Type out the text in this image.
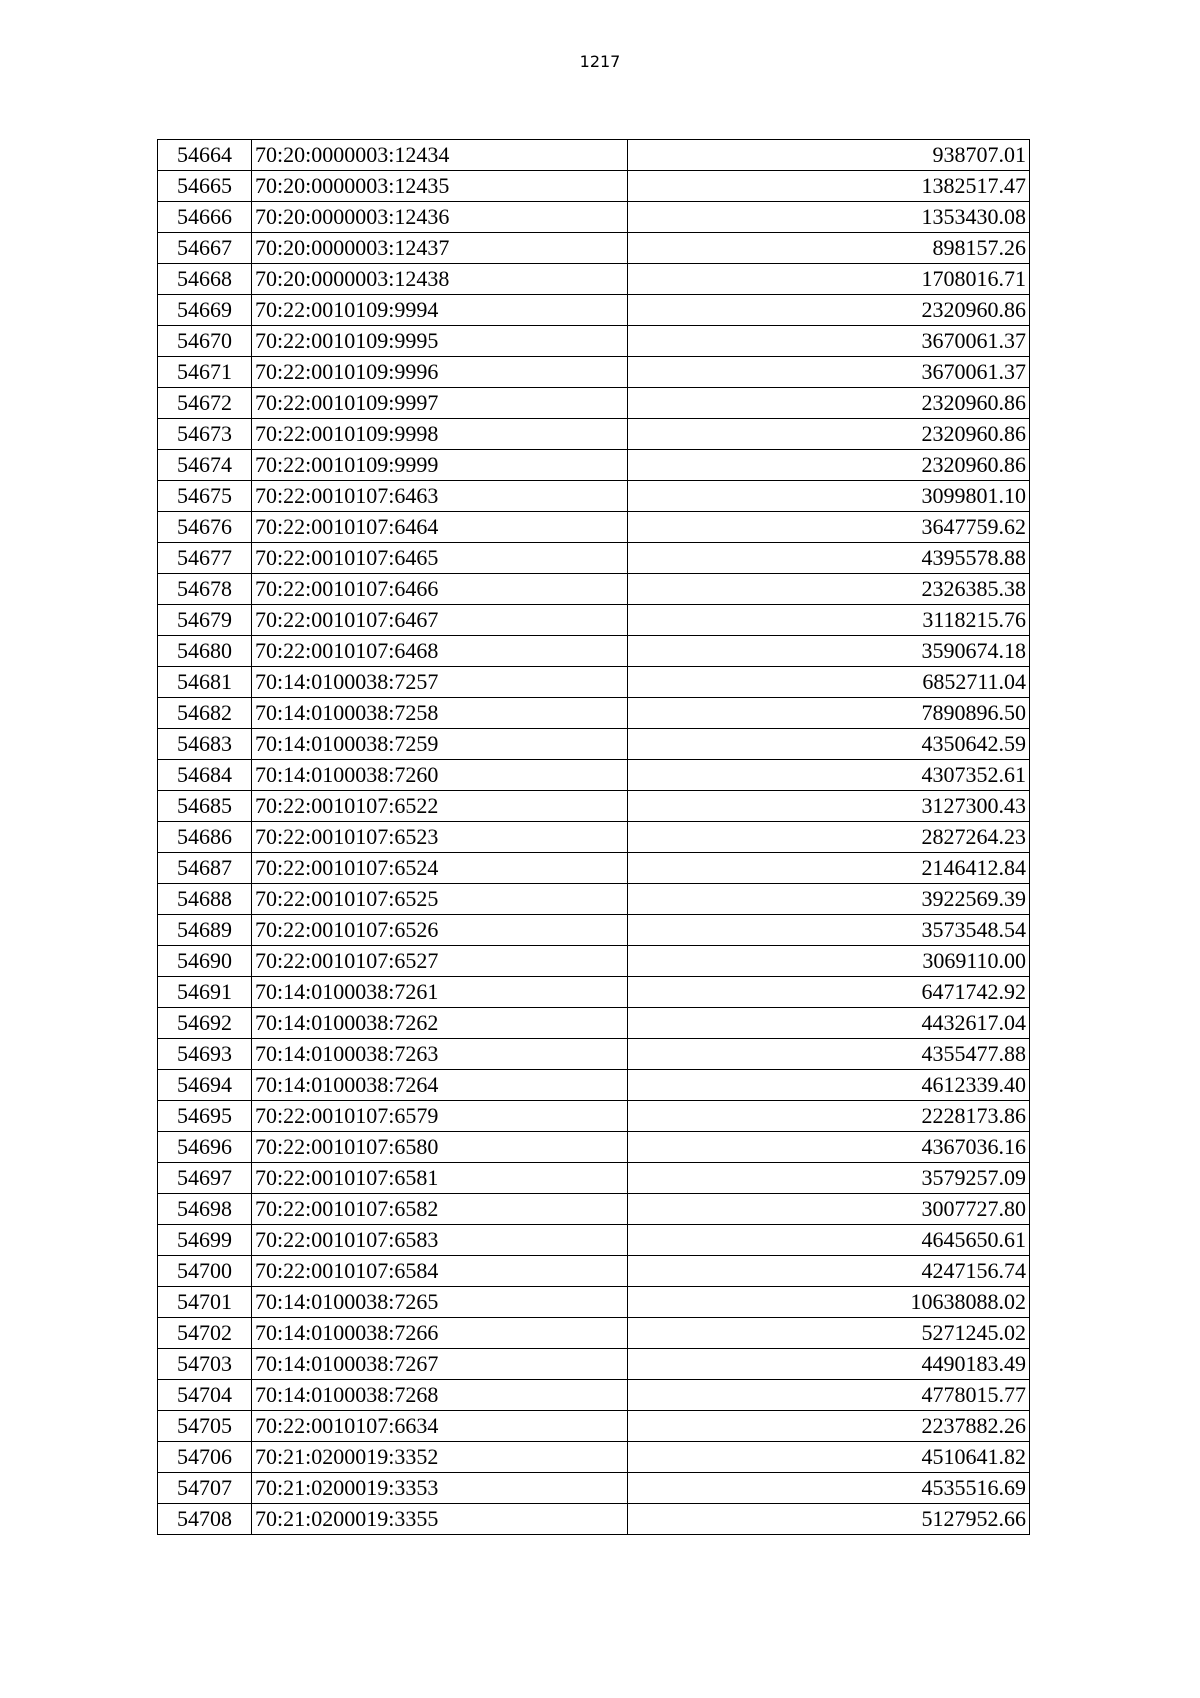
1217
54664	70:20:0000003:12434	938707.01
54665	70:20:0000003:12435	1382517.47
54666	70:20:0000003:12436	1353430.08
54667	70:20:0000003:12437	898157.26
54668	70:20:0000003:12438	1708016.71
54669	70:22:0010109:9994	2320960.86
54670	70:22:0010109:9995	3670061.37
54671	70:22:0010109:9996	3670061.37
54672	70:22:0010109:9997	2320960.86
54673	70:22:0010109:9998	2320960.86
54674	70:22:0010109:9999	2320960.86
54675	70:22:0010107:6463	3099801.10
54676	70:22:0010107:6464	3647759.62
54677	70:22:0010107:6465	4395578.88
54678	70:22:0010107:6466	2326385.38
54679	70:22:0010107:6467	3118215.76
54680	70:22:0010107:6468	3590674.18
54681	70:14:0100038:7257	6852711.04
54682	70:14:0100038:7258	7890896.50
54683	70:14:0100038:7259	4350642.59
54684	70:14:0100038:7260	4307352.61
54685	70:22:0010107:6522	3127300.43
54686	70:22:0010107:6523	2827264.23
54687	70:22:0010107:6524	2146412.84
54688	70:22:0010107:6525	3922569.39
54689	70:22:0010107:6526	3573548.54
54690	70:22:0010107:6527	3069110.00
54691	70:14:0100038:7261	6471742.92
54692	70:14:0100038:7262	4432617.04
54693	70:14:0100038:7263	4355477.88
54694	70:14:0100038:7264	4612339.40
54695	70:22:0010107:6579	2228173.86
54696	70:22:0010107:6580	4367036.16
54697	70:22:0010107:6581	3579257.09
54698	70:22:0010107:6582	3007727.80
54699	70:22:0010107:6583	4645650.61
54700	70:22:0010107:6584	4247156.74
54701	70:14:0100038:7265	10638088.02
54702	70:14:0100038:7266	5271245.02
54703	70:14:0100038:7267	4490183.49
54704	70:14:0100038:7268	4778015.77
54705	70:22:0010107:6634	2237882.26
54706	70:21:0200019:3352	4510641.82
54707	70:21:0200019:3353	4535516.69
54708	70:21:0200019:3355	5127952.66
